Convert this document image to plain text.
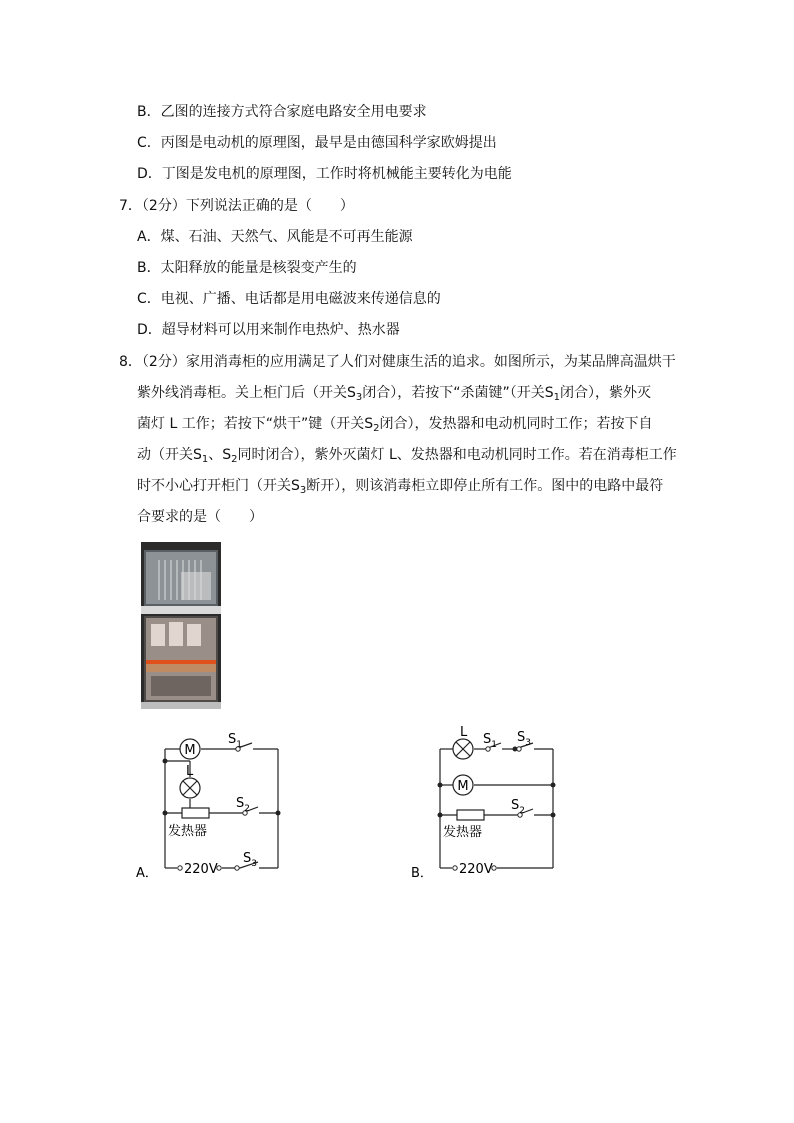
B．乙图的连接方式符合家庭电路安全用电要求
C．丙图是电动机的原理图，最早是由德国科学家欧姆提出
D．丁图是发电机的原理图，工作时将机械能主要转化为电能
7．（2分）下列说法正确的是（　　）
A．煤、石油、天然气、风能是不可再生能源
B．太阳释放的能量是核裂变产生的
C．电视、广播、电话都是用电磁波来传递信息的
D．超导材料可以用来制作电热炉、热水器
8．（2分）家用消毒柜的应用满足了人们对健康生活的追求。如图所示，为某品牌高温烘干
紫外线消毒柜。关上柜门后（开关$S_3$闭合），若按下“杀菌键”（开关$S_1$闭合），紫外灭
菌灯 L 工作；若按下“烘干”键（开关$S_2$闭合），发热器和电动机同时工作；若按下自
动（开关$S_1$、$S_2$同时闭合），紫外灭菌灯 L、发热器和电动机同时工作。若在消毒柜工作
时不小心打开柜门（开关$S_3$断开），则该消毒柜立即停止所有工作。图中的电路中最符
合要求的是（　　）
M
L
发热器
220V
$S_1$
$S_2$
$S_3$
A．
L
M
发热器
220V
$S_1$ $S_3$
$S_2$
B．
